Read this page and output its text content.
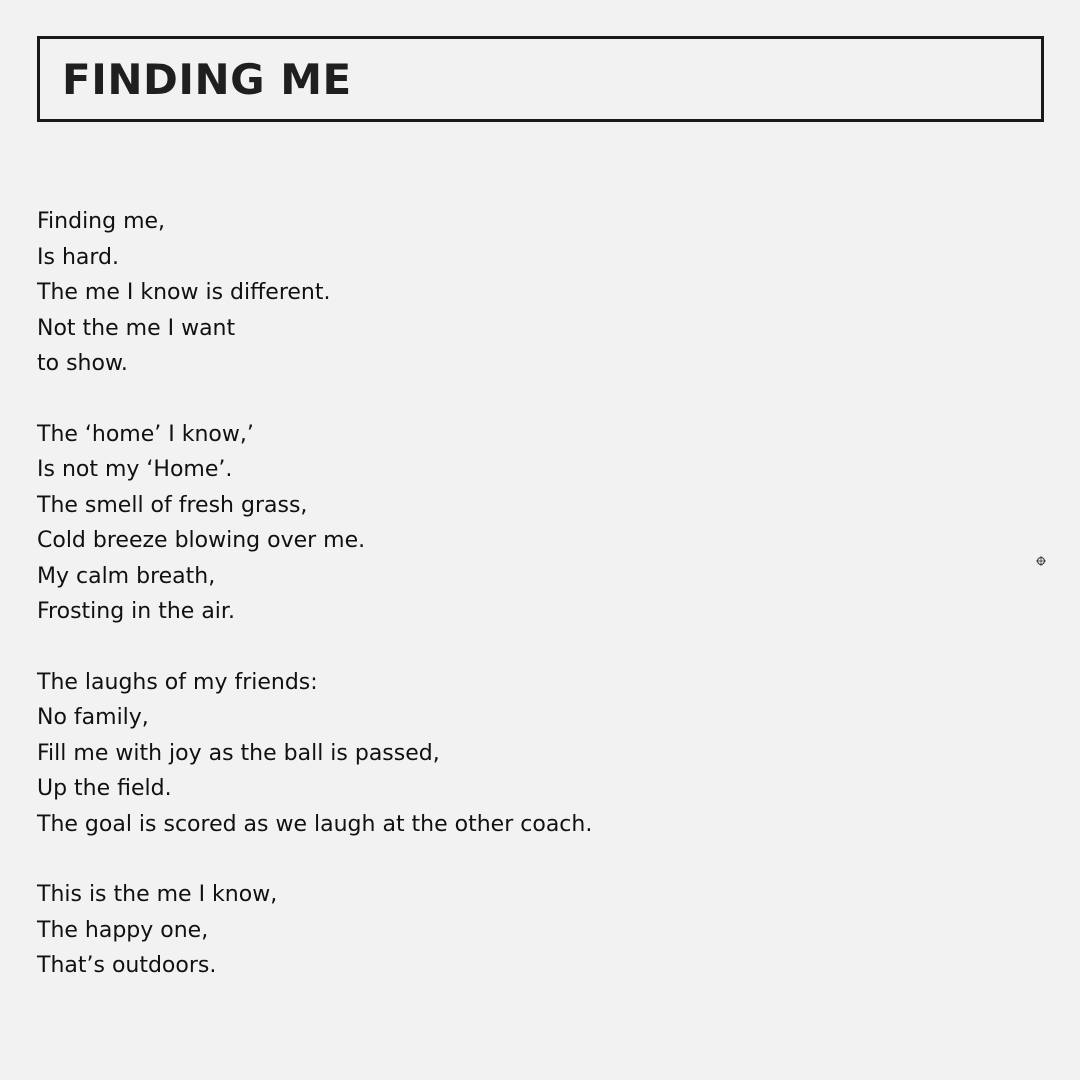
FINDING ME
Finding me,
Is hard.
The me I know is different.
Not the me I want
to show.
The ‘home’ I know,’
Is not my ‘Home’.
The smell of fresh grass,
Cold breeze blowing over me.
My calm breath,
Frosting in the air.
The laughs of my friends:
No family,
Fill me with joy as the ball is passed,
Up the ﬁeld.
The goal is scored as we laugh at the other coach.
This is the me I know,
The happy one,
That’s outdoors.
